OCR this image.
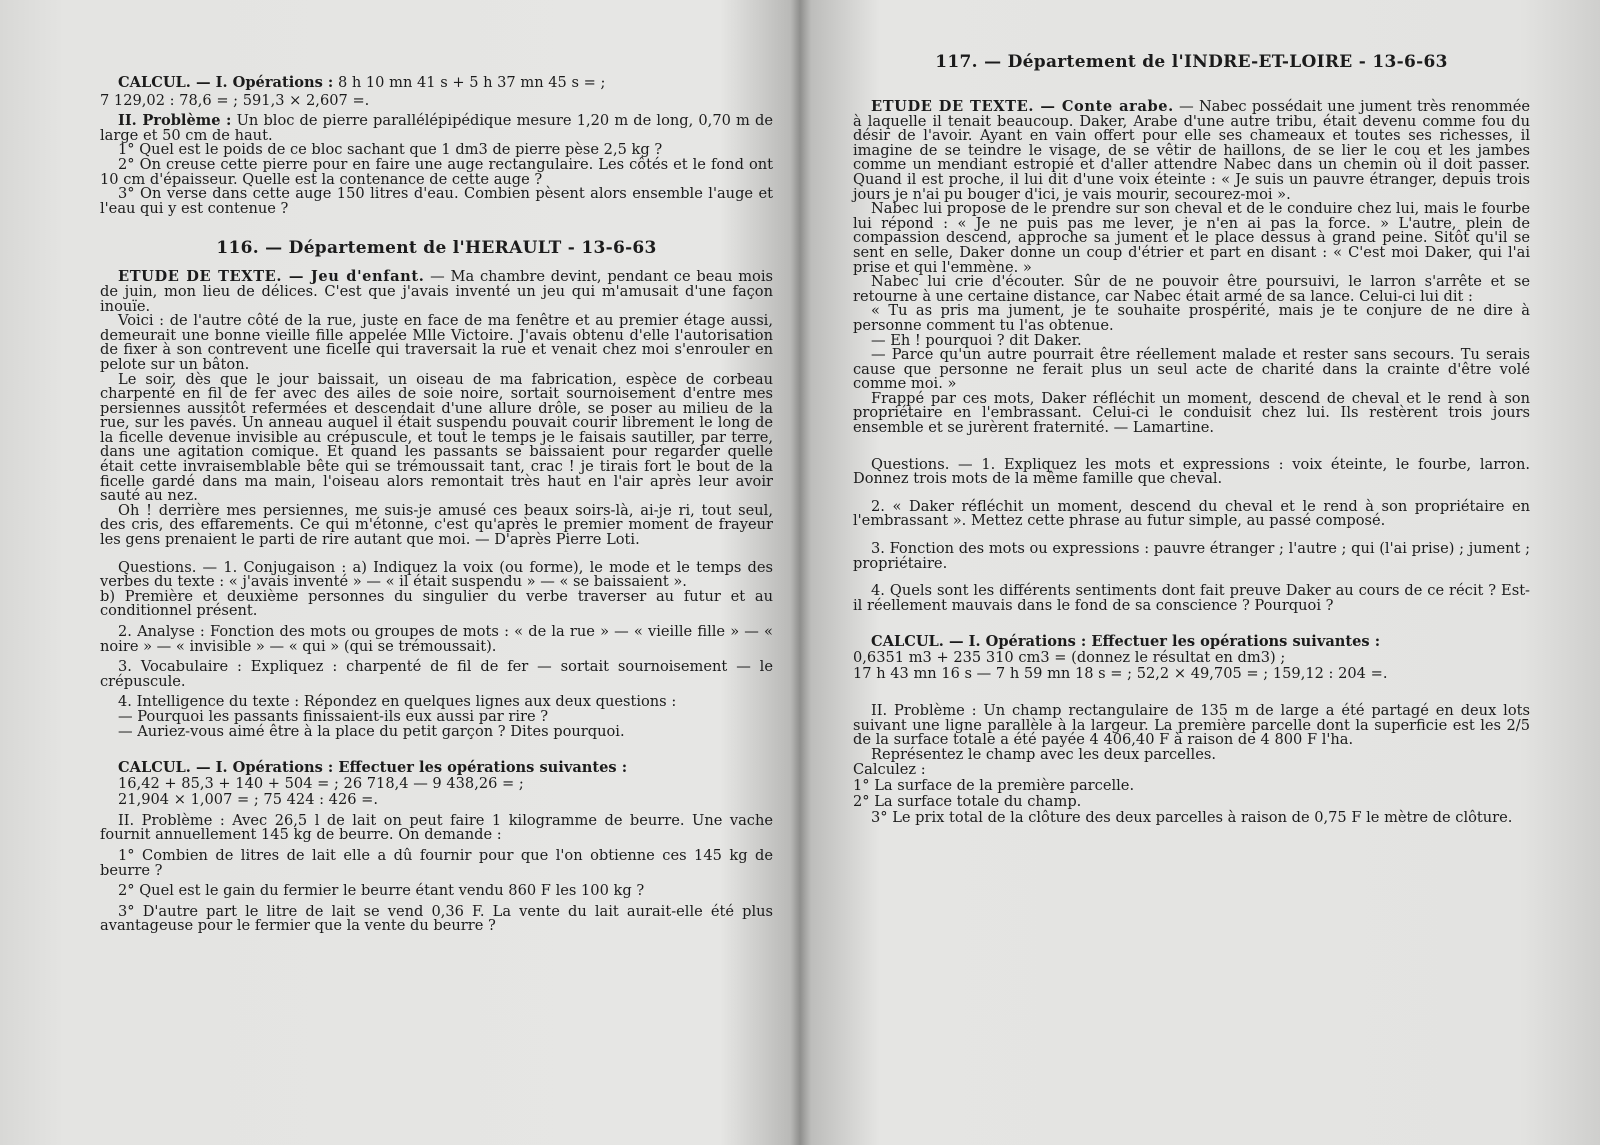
CALCUL. — I. Opérations : 8 h 10 mn 41 s + 5 h 37 mn 45 s = ;

7 129,02 : 78,6 = ; 591,3 × 2,607 =.

II. Problème : Un bloc de pierre parallélépipédique mesure 1,20 m de long, 0,70 m de large et 50 cm de haut.

1° Quel est le poids de ce bloc sachant que 1 dm3 de pierre pèse 2,5 kg ?

2° On creuse cette pierre pour en faire une auge rectangulaire. Les côtés et le fond ont 10 cm d'épaisseur. Quelle est la contenance de cette auge ?

3° On verse dans cette auge 150 litres d'eau. Combien pèsent alors ensemble l'auge et l'eau qui y est contenue ?

116. — Département de l'HERAULT - 13-6-63

ETUDE DE TEXTE. — Jeu d'enfant. — Ma chambre devint, pendant ce beau mois de juin, mon lieu de délices. C'est que j'avais inventé un jeu qui m'amusait d'une façon inouïe.

Voici : de l'autre côté de la rue, juste en face de ma fenêtre et au premier étage aussi, demeurait une bonne vieille fille appelée Mlle Victoire. J'avais obtenu d'elle l'autorisation de fixer à son contrevent une ficelle qui traversait la rue et venait chez moi s'enrouler en pelote sur un bâton.

Le soir, dès que le jour baissait, un oiseau de ma fabrication, espèce de corbeau charpenté en fil de fer avec des ailes de soie noire, sortait sournoisement d'entre mes persiennes aussitôt refermées et descendait d'une allure drôle, se poser au milieu de la rue, sur les pavés. Un anneau auquel il était suspendu pouvait courir librement le long de la ficelle devenue invisible au crépuscule, et tout le temps je le faisais sautiller, par terre, dans une agitation comique. Et quand les passants se baissaient pour regarder quelle était cette invraisemblable bête qui se trémoussait tant, crac ! je tirais fort le bout de la ficelle gardé dans ma main, l'oiseau alors remontait très haut en l'air après leur avoir sauté au nez.

Oh ! derrière mes persiennes, me suis-je amusé ces beaux soirs-là, ai-je ri, tout seul, des cris, des effarements. Ce qui m'étonne, c'est qu'après le premier moment de frayeur les gens prenaient le parti de rire autant que moi. — D'après Pierre Loti.

Questions. — 1. Conjugaison : a) Indiquez la voix (ou forme), le mode et le temps des verbes du texte : « j'avais inventé » — « il était suspendu » — « se baissaient ».

b) Première et deuxième personnes du singulier du verbe traverser au futur et au conditionnel présent.

2. Analyse : Fonction des mots ou groupes de mots : « de la rue » — « vieille fille » — « noire » — « invisible » — « qui » (qui se trémoussait).

3. Vocabulaire : Expliquez : charpenté de fil de fer — sortait sournoisement — le crépuscule.

4. Intelligence du texte : Répondez en quelques lignes aux deux questions :

— Pourquoi les passants finissaient-ils eux aussi par rire ?

— Auriez-vous aimé être à la place du petit garçon ? Dites pourquoi.

CALCUL. — I. Opérations : Effectuer les opérations suivantes :

16,42 + 85,3 + 140 + 504 = ; 26 718,4 — 9 438,26 = ;

21,904 × 1,007 = ; 75 424 : 426 =.

II. Problème : Avec 26,5 l de lait on peut faire 1 kilogramme de beurre. Une vache fournit annuellement 145 kg de beurre. On demande :

1° Combien de litres de lait elle a dû fournir pour que l'on obtienne ces 145 kg de beurre ?

2° Quel est le gain du fermier le beurre étant vendu 860 F les 100 kg ?

3° D'autre part le litre de lait se vend 0,36 F. La vente du lait aurait-elle été plus avantageuse pour le fermier que la vente du beurre ?

117. — Département de l'INDRE-ET-LOIRE - 13-6-63

ETUDE DE TEXTE. — Conte arabe. — Nabec possédait une jument très renommée à laquelle il tenait beaucoup. Daker, Arabe d'une autre tribu, était devenu comme fou du désir de l'avoir. Ayant en vain offert pour elle ses chameaux et toutes ses richesses, il imagine de se teindre le visage, de se vêtir de haillons, de se lier le cou et les jambes comme un mendiant estropié et d'aller attendre Nabec dans un chemin où il doit passer. Quand il est proche, il lui dit d'une voix éteinte : « Je suis un pauvre étranger, depuis trois jours je n'ai pu bouger d'ici, je vais mourir, secourez-moi ».

Nabec lui propose de le prendre sur son cheval et de le conduire chez lui, mais le fourbe lui répond : « Je ne puis pas me lever, je n'en ai pas la force. » L'autre, plein de compassion descend, approche sa jument et le place dessus à grand peine. Sitôt qu'il se sent en selle, Daker donne un coup d'étrier et part en disant : « C'est moi Daker, qui l'ai prise et qui l'emmène. »

Nabec lui crie d'écouter. Sûr de ne pouvoir être poursuivi, le larron s'arrête et se retourne à une certaine distance, car Nabec était armé de sa lance. Celui-ci lui dit :

« Tu as pris ma jument, je te souhaite prospérité, mais je te conjure de ne dire à personne comment tu l'as obtenue.

— Eh ! pourquoi ? dit Daker.

— Parce qu'un autre pourrait être réellement malade et rester sans secours. Tu serais cause que personne ne ferait plus un seul acte de charité dans la crainte d'être volé comme moi. »

Frappé par ces mots, Daker réfléchit un moment, descend de cheval et le rend à son propriétaire en l'embrassant. Celui-ci le conduisit chez lui. Ils restèrent trois jours ensemble et se jurèrent fraternité. — Lamartine.

Questions. — 1. Expliquez les mots et expressions : voix éteinte, le fourbe, larron. Donnez trois mots de la même famille que cheval.

2. « Daker réfléchit un moment, descend du cheval et le rend à son propriétaire en l'embrassant ». Mettez cette phrase au futur simple, au passé composé.

3. Fonction des mots ou expressions : pauvre étranger ; l'autre ; qui (l'ai prise) ; jument ; propriétaire.

4. Quels sont les différents sentiments dont fait preuve Daker au cours de ce récit ? Est-il réellement mauvais dans le fond de sa conscience ? Pourquoi ?

CALCUL. — I. Opérations : Effectuer les opérations suivantes :

0,6351 m3 + 235 310 cm3 = (donnez le résultat en dm3) ;

17 h 43 mn 16 s — 7 h 59 mn 18 s = ; 52,2 × 49,705 = ; 159,12 : 204 =.

II. Problème : Un champ rectangulaire de 135 m de large a été partagé en deux lots suivant une ligne parallèle à la largeur. La première parcelle dont la superficie est les 2/5 de la surface totale a été payée 4 406,40 F à raison de 4 800 F l'ha.

Représentez le champ avec les deux parcelles.

Calculez :

1° La surface de la première parcelle.

2° La surface totale du champ.

3° Le prix total de la clôture des deux parcelles à raison de 0,75 F le mètre de clôture.
